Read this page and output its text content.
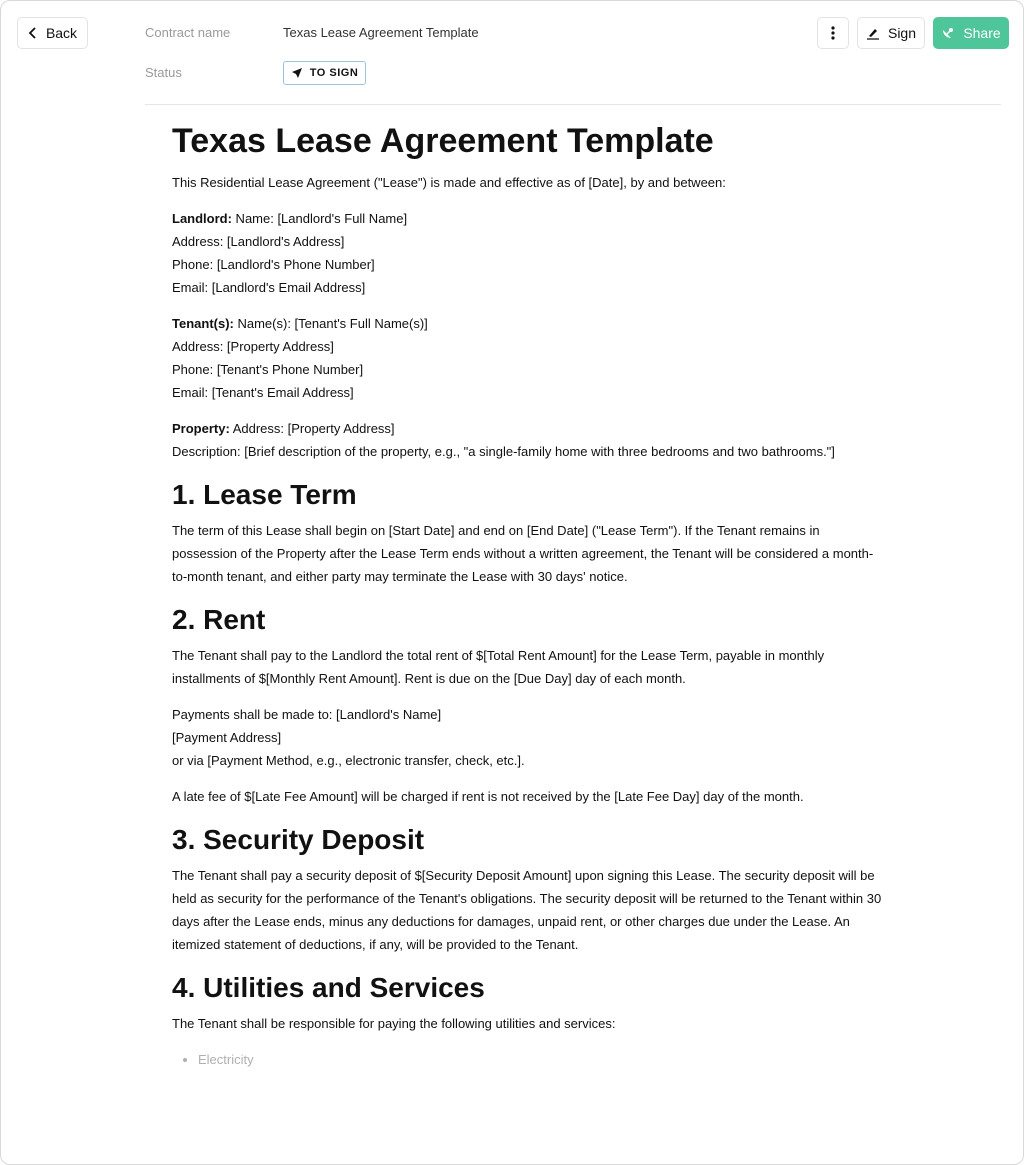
Back	Contract name	Texas Lease Agreement Template
Status	TO SIGN
Sign	Share
Texas Lease Agreement Template

This Residential Lease Agreement ("Lease") is made and effective as of [Date], by and between:

Landlord: Name: [Landlord's Full Name]
Address: [Landlord's Address]
Phone: [Landlord's Phone Number]
Email: [Landlord's Email Address]

Tenant(s): Name(s): [Tenant's Full Name(s)]
Address: [Property Address]
Phone: [Tenant's Phone Number]
Email: [Tenant's Email Address]

Property: Address: [Property Address]
Description: [Brief description of the property, e.g., "a single-family home with three bedrooms and two bathrooms."]

1. Lease Term

The term of this Lease shall begin on [Start Date] and end on [End Date] ("Lease Term"). If the Tenant remains in possession of the Property after the Lease Term ends without a written agreement, the Tenant will be considered a month-to-month tenant, and either party may terminate the Lease with 30 days' notice.

2. Rent

The Tenant shall pay to the Landlord the total rent of $[Total Rent Amount] for the Lease Term, payable in monthly installments of $[Monthly Rent Amount]. Rent is due on the [Due Day] day of each month.

Payments shall be made to: [Landlord's Name]
[Payment Address]
or via [Payment Method, e.g., electronic transfer, check, etc.].

A late fee of $[Late Fee Amount] will be charged if rent is not received by the [Late Fee Day] day of the month.

3. Security Deposit

The Tenant shall pay a security deposit of $[Security Deposit Amount] upon signing this Lease. The security deposit will be held as security for the performance of the Tenant's obligations. The security deposit will be returned to the Tenant within 30 days after the Lease ends, minus any deductions for damages, unpaid rent, or other charges due under the Lease. An itemized statement of deductions, if any, will be provided to the Tenant.

4. Utilities and Services

The Tenant shall be responsible for paying the following utilities and services:

• Electricity
